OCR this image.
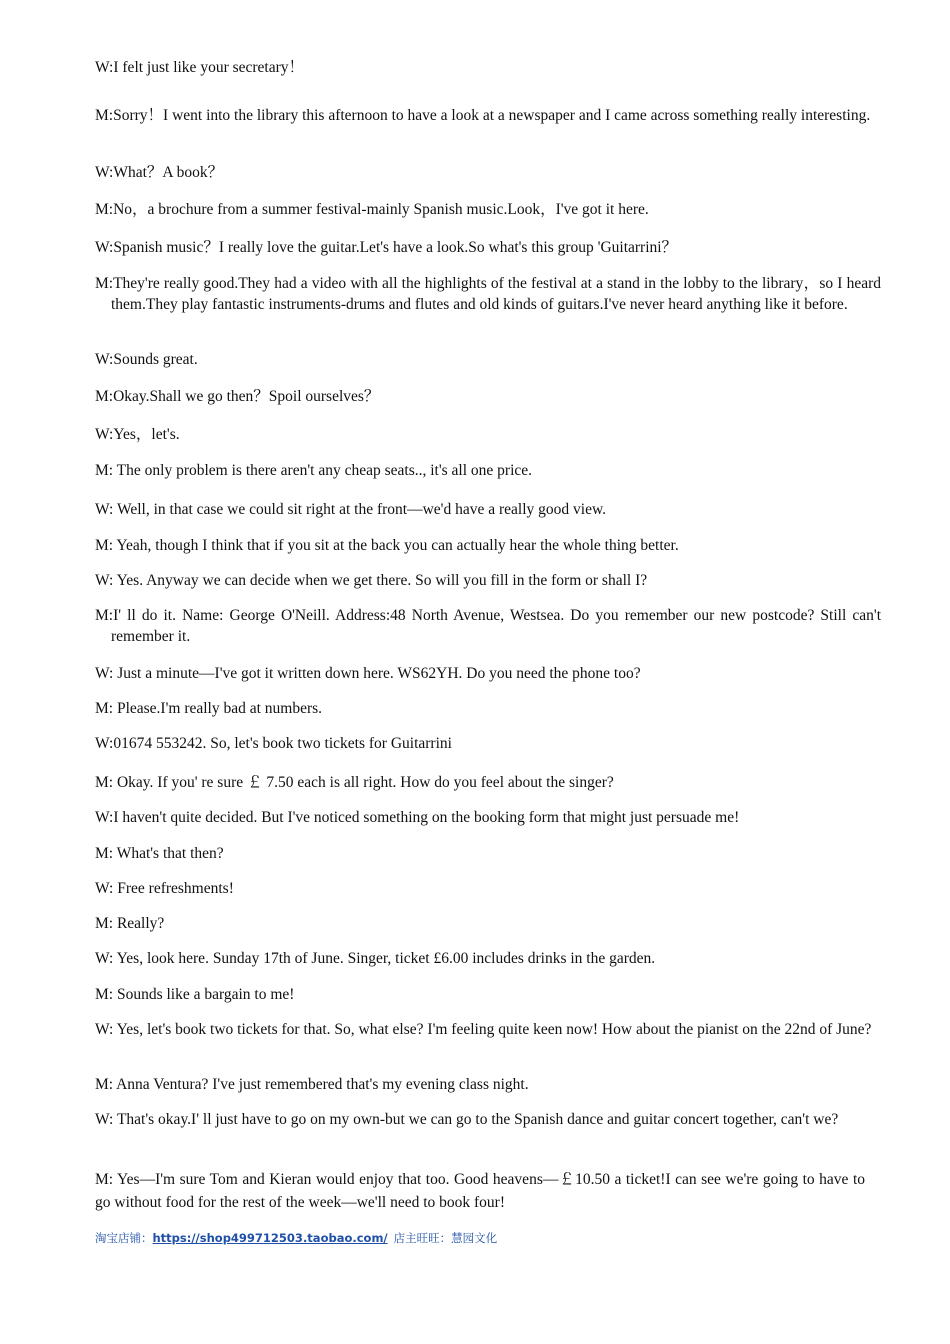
W:I felt just like your secretary！

M:Sorry！I went into the library this afternoon to have a look at a newspaper and I came across something really interesting.

W:What？A book？

M:No，a brochure from a summer festival-mainly Spanish music.Look，I've got it here.

W:Spanish music？I really love the guitar.Let's have a look.So what's this group 'Guitarrini？

M:They're really good.They had a video with all the highlights of the festival at a stand in the lobby to the library，so I heard them.They play fantastic instruments-drums and flutes and old kinds of guitars.I've never heard anything like it before.

W:Sounds great.

M:Okay.Shall we go then？Spoil ourselves？

W:Yes，let's.

M: The only problem is there aren't any cheap seats.., it's all one price.

W: Well, in that case we could sit right at the front—we'd have a really good view.

M: Yeah, though I think that if you sit at the back you can actually hear the whole thing better.

W: Yes. Anyway we can decide when we get there. So will you fill in the form or shall I?

M:I' ll do it. Name: George O'Neill. Address:48 North Avenue, Westsea. Do you remember our new postcode? Still can't remember it.

W: Just a minute—I've got it written down here. WS62YH. Do you need the phone too?

M: Please.I'm really bad at numbers.

W:01674 553242. So, let's book two tickets for Guitarrini

M: Okay. If you' re sure ￡ 7.50 each is all right. How do you feel about the singer?

W:I haven't quite decided. But I've noticed something on the booking form that might just persuade me!

M: What's that then?

W: Free refreshments!

M: Really?

W: Yes, look here. Sunday 17th of June. Singer, ticket £6.00 includes drinks in the garden.

M: Sounds like a bargain to me!

W: Yes, let's book two tickets for that. So, what else? I'm feeling quite keen now! How about the pianist on the 22nd of June?

M: Anna Ventura? I've just remembered that's my evening class night.

W: That's okay.I' ll just have to go on my own-but we can go to the Spanish dance and guitar concert together, can't we?

M: Yes—I'm sure Tom and Kieran would enjoy that too. Good heavens—￡10.50 a ticket!I can see we're going to have to go without food for the rest of the week—we'll need to book four!

淘宝店铺：https://shop499712503.taobao.com/ 店主旺旺：慧园文化
